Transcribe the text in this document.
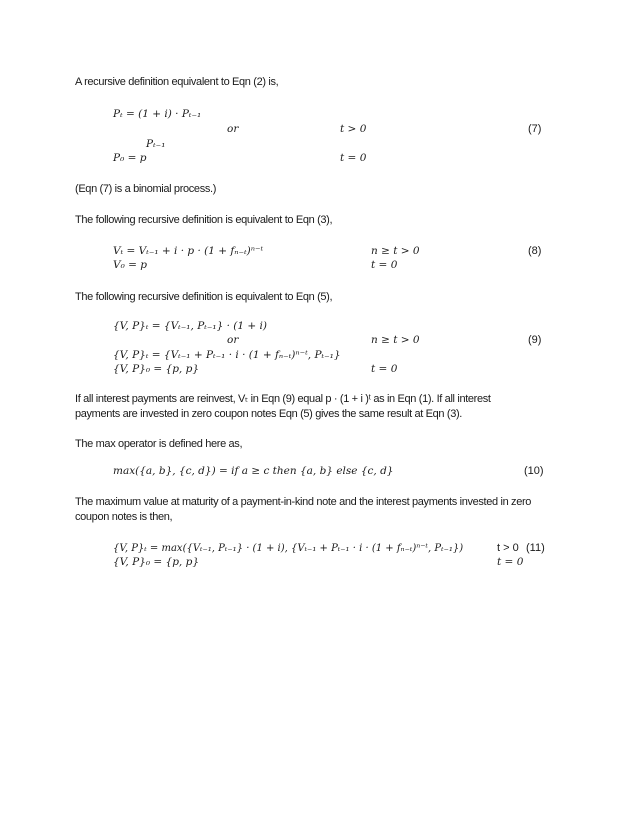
A recursive definition equivalent to Eqn (2) is,
Pₜ = (1 + i) · Pₜ₋₁
or	t > 0	(7)
Pₜ₋₁
P₀ = p	t = 0
(Eqn (7) is a binomial process.)
The following recursive definition is equivalent to Eqn (3),
Vₜ = Vₜ₋₁ + i · p · (1 + fₙ₋ₜ)ⁿ⁻ᵗ	n ≥ t > 0	(8)
V₀ = p	t = 0
The following recursive definition is equivalent to Eqn (5),
{V, P}ₜ = {Vₜ₋₁, Pₜ₋₁} · (1 + i)
or	n ≥ t > 0	(9)
{V, P}ₜ = {Vₜ₋₁ + Pₜ₋₁ · i · (1 + fₙ₋ₜ)ⁿ⁻ᵗ, Pₜ₋₁}
{V, P}₀ = {p, p}	t = 0
If all interest payments are reinvest, Vₜ in Eqn (9) equal p · (1 + i )ᵗ as in Eqn (1). If all interest
payments are invested in zero coupon notes Eqn (5) gives the same result at Eqn (3).
The max operator is defined here as,
max({a, b}, {c, d}) = if a ≥ c then {a, b} else {c, d}	(10)
The maximum value at maturity of a payment-in-kind note and the interest payments invested in zero
coupon notes is then,
{V, P}ₜ = max({Vₜ₋₁, Pₜ₋₁} · (1 + i), {Vₜ₋₁ + Pₜ₋₁ · i · (1 + fₙ₋ₜ)ⁿ⁻ᵗ, Pₜ₋₁})	t > 0 (11)
{V, P}₀ = {p, p}	t = 0
